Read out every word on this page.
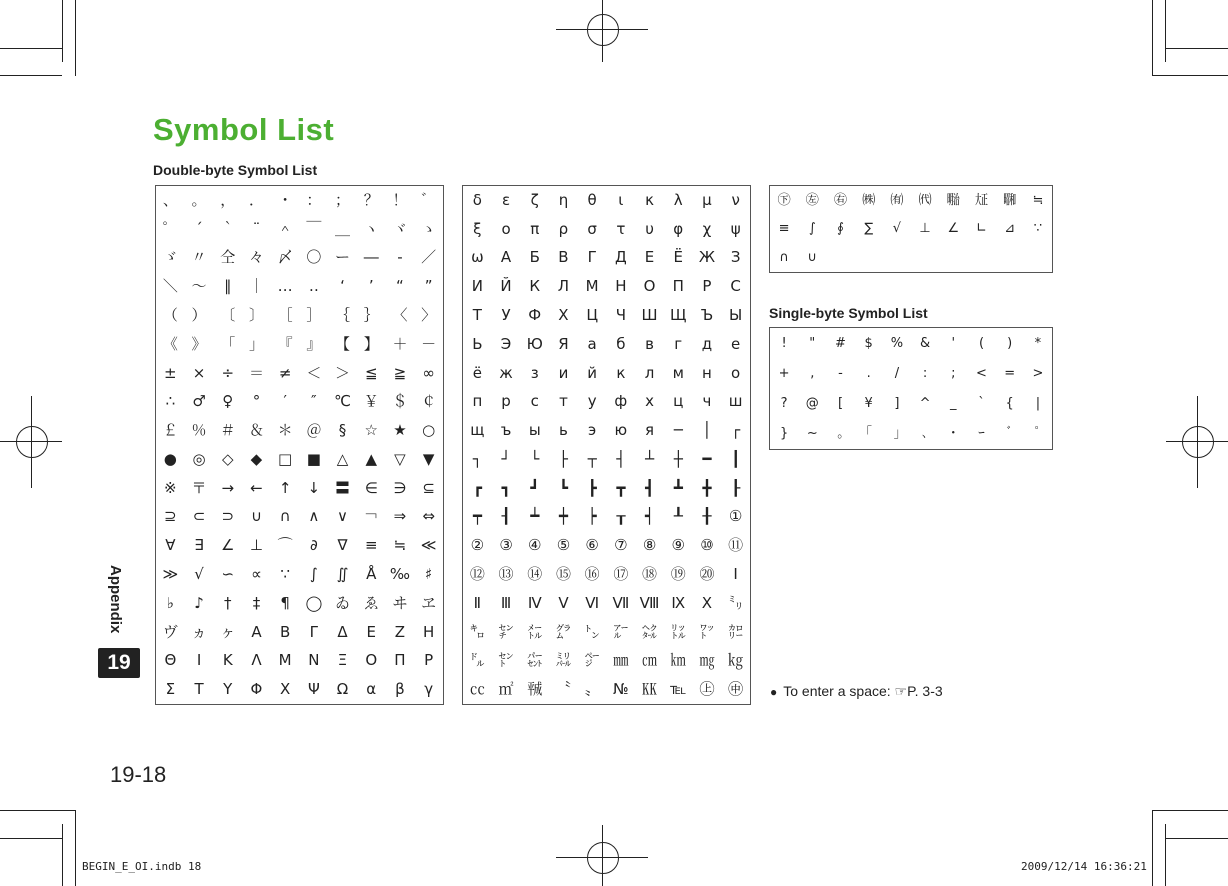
Symbol List
Double-byte Symbol List
Single-byte Symbol List
、 。 ， ． ・ ： ； ？ ！ ゛
゜	´	｀	¨	＾ ￣ ＿ ヽ ヾ ゝ
ゞ 〃 仝 々 〆 〇 ー ―	‐	／
＼ ～	∥	｜ …	‥	‘	’	“	”
（ ） 〔 〕 ［ ］ ｛ ｝ 〈 〉
《 》 「 」 『 』 【 】 ＋ －
±	×	÷ ＝ ≠ ＜ ＞ ≦	≧	∞
∴	♂	♀	°	′	″	℃ ￥ ＄ ￠
￡ ％ ＃ ＆ ＊ ＠	§	☆	★	○
●	◎	◇	◆	□ ■	△	▲	▽	▼
※ 〒 →	←	↑	↓ 〓 ∈	∋	⊆
⊇	⊂	⊃	∪	∩	∧	∨	￢ ⇒	⇔
∀	∃	∠	⊥ ⌒	∂	∇	≡	≒ ≪
≫	√	∽	∝	∵	∫	∬	Å ‰	♯
♭	♪	†	‡	¶	◯ ゐ ゑ ヰ ヱ
ヴ ヵ ヶ	Α	Β	Γ	Δ	Ε	Ζ	Η
Θ	Ι	Κ	Λ	Μ	Ν	Ξ	Ο	Π	Ρ
Σ	Τ	Υ	Φ	Χ	Ψ	Ω	α	β	γ
δ	ε	ζ	η	θ	ι	κ	λ	μ	ν
ξ	ο	π	ρ	σ	τ	υ	φ	χ	ψ
ω	А	Б	В	Г	Д	Е	Ё	Ж	З
И	Й	К	Л	М	Н	О	П	Р	С
Т	У	Ф	Х	Ц	Ч	Ш Щ Ъ	Ы
Ь	Э	Ю	Я	а	б	в	г	д	е
ё	ж	з	и	й	к	л	м	н	о
п	р	с	т	у	ф	х	ц	ч	ш
щ	ъ	ы	ь	э	ю	я	─	│	┌
┐	┘	└	├	┬	┤	┴	┼	━	┃
┏	┓	┛	┗	┣	┳	┫	┻	╋	┠
┯	┨	┷	┿	┝	┰	┥	┸	╂	①
②	③	④	⑤	⑥	⑦	⑧	⑨	⑩ ⑪
⑫ ⑬ ⑭ ⑮ ⑯ ⑰ ⑱ ⑲ ⑳	Ⅰ
Ⅱ	Ⅲ	Ⅳ	Ⅴ	Ⅵ Ⅶ Ⅷ Ⅸ	Ⅹ	㍉
㌔ ㌢ ㍍ ㌘ ㌧ ㌃ ㌶ ㍑ ㍗ ㌍
㌦ ㌣ ㌫ ㍊ ㌻ ㎜ ㎝ ㎞ ㎎ ㎏
㏄ ㎡ ㍻ 〝 〟 № ㏍ ℡ ㊤ ㊥
㊦	㊧	㊨	㈱	㈲	㈹	㍾	㍽	㍼	≒
≡	∫	∮	∑	√	⊥	∠	∟	⊿	∵
∩	∪
!	"	#	$	%	&	'	(	)	*
+	,	-	.	/	:	;	<	=	>
?	@	[	¥	]	^	_	`	{	|
}	~	｡	｢	｣	､	･	ｰ	ﾞ	ﾟ
● To enter a space: ☞P. 3-3
Appendix
19
19-18
BEGIN_E_OI.indb 18	2009/12/14 16:36:21
